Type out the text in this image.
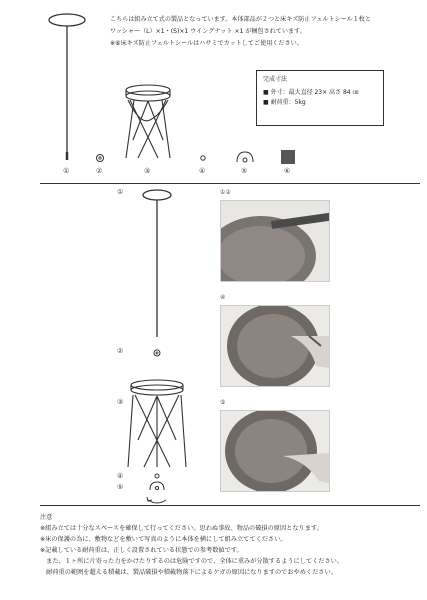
こちらは組み立て式の製品となっています。本体部品が２つと床キズ防止フェルトシール１枚と
ワッシャー（L）×1・(S)×1 ウイングナット ×1 が梱包されています。
※⑥床キズ防止フェルトシールはハサミでカットしてご使用ください。
完成寸法
■ 外寸：最大直径 23× 高さ 84 ㎝
■ 耐荷重：5kg
①	②	③	④	⑤	⑥
①
②
③
④
⑤
①②
④
⑤
注意
※組み立ては十分なスペースを確保して行ってください。思わぬ事故、物品の破損の原因となります。
※床の保護の為に、敷物などを敷いて写真のように本体を横にして組み立ててください。
※記載している耐荷重は、正しく設置されている状態での参考数値です。
　また、１ヶ所に片寄った力をかけたりするのは危険ですので、全体に重みが分散するようにしてください。
　耐荷重の範囲を超える積載は、製品破損や積載物落下によるケガの原因になりますのでおやめください。
